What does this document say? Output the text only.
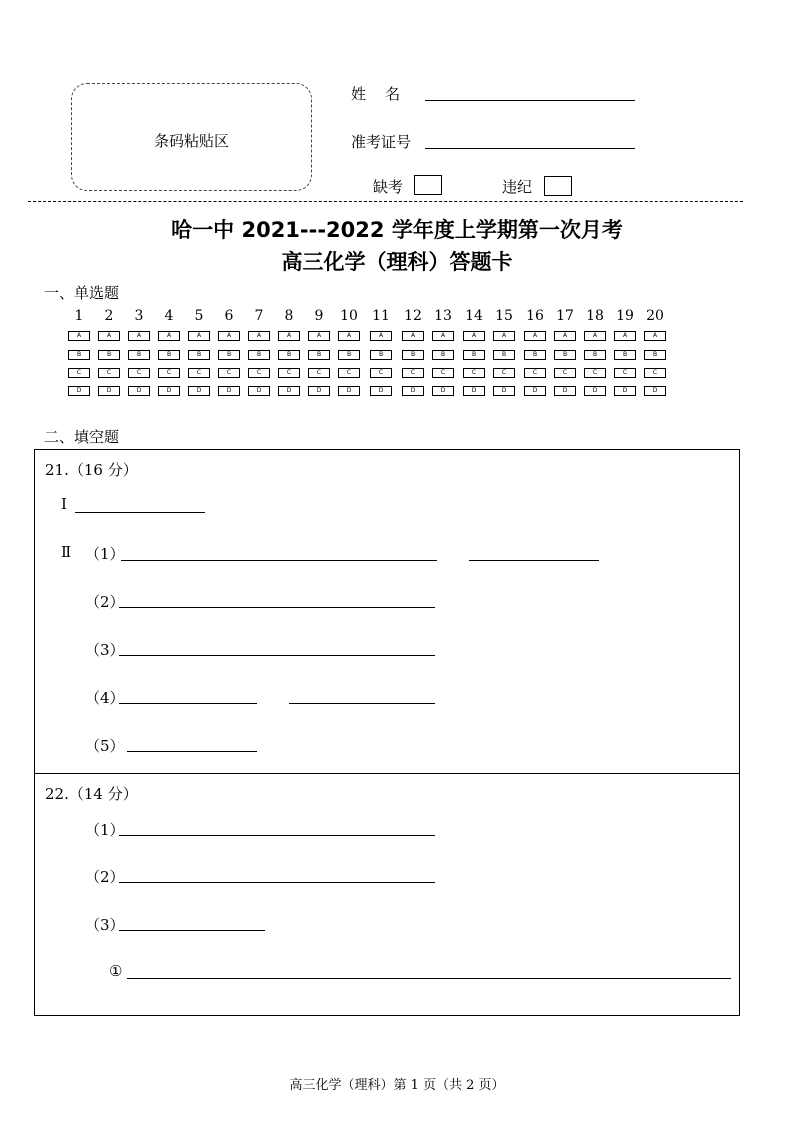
条码粘贴区
姓    名
准考证号
缺考	违纪
哈一中 2021---2022 学年度上学期第一次月考
高三化学（理科）答题卡
一、单选题
1
A
B
C
D
2
A
B
C
D
3
A
B
C
D
4
A
B
C
D
5
A
B
C
D
6
A
B
C
D
7
A
B
C
D
8
A
B
C
D
9
A
B
C
D
10
A
B
C
D
11
A
B
C
D
12
A
B
C
D
13
A
B
C
D
14
A
B
C
D
15
A
B
C
D
16
A
B
C
D
17
A
B
C
D
18
A
B
C
D
19
A
B
C
D
20
A
B
C
D
二、填空题
21.（16 分）
Ⅰ
Ⅱ （1）
（2）
（3）
（4）
（5）
22.（14 分）
（1）
（2）
（3）
①
高三化学（理科）第 1 页（共 2 页）
